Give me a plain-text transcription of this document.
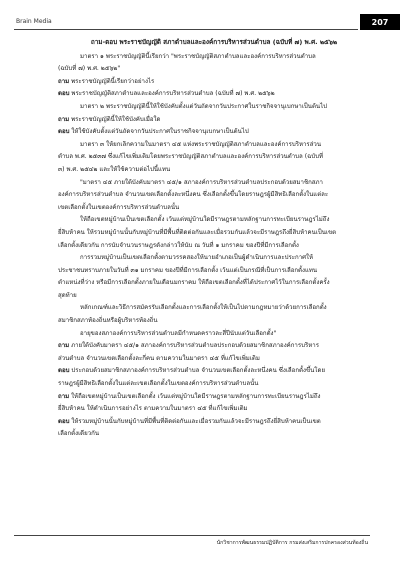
Brain Media	207

ถาม-ตอบ พระราชบัญญัติ สภาตำบลและองค์การบริหารส่วนตำบล (ฉบับที่ ๗) พ.ศ. ๒๕๖๒

มาตรา ๑ พระราชบัญญัตินี้เรียกว่า "พระราชบัญญัติสภาตำบลและองค์การบริหารส่วนตำบล

(ฉบับที่ ๗) พ.ศ. ๒๕๖๒"

ถาม พระราชบัญญัตินี้เรียกว่าอย่างไร

ตอบ พระราชบัญญัติสภาตำบลและองค์การบริหารส่วนตำบล (ฉบับที่ ๗) พ.ศ. ๒๕๖๒

มาตรา ๒ พระราชบัญญัตินี้ให้ใช้บังคับตั้งแต่วันถัดจากวันประกาศในราชกิจจานุเบกษาเป็นต้นไป

ถาม พระราชบัญญัตินี้ให้ใช้บังคับเมื่อใด

ตอบ ให้ใช้บังคับตั้งแต่วันถัดจากวันประกาศในราชกิจจานุเบกษาเป็นต้นไป

มาตรา ๓ ให้ยกเลิกความในมาตรา ๔๕ แห่งพระราชบัญญัติสภาตำบลและองค์การบริหารส่วน

ตำบล พ.ศ. ๒๕๓๗ ซึ่งแก้ไขเพิ่มเติมโดยพระราชบัญญัติสภาตำบลและองค์การบริหารส่วนตำบล (ฉบับที่

๓) พ.ศ. ๒๕๔๒ และให้ใช้ความต่อไปนี้แทน

"มาตรา ๔๕ ภายใต้บังคับมาตรา ๔๕/๑ สภาองค์การบริหารส่วนตำบลประกอบด้วยสมาชิกสภา

องค์การบริหารส่วนตำบล จำนวนเขตเลือกตั้งละหนึ่งคน ซึ่งเลือกตั้งขึ้นโดยราษฎรผู้มีสิทธิเลือกตั้งในแต่ละ

เขตเลือกตั้งในเขตองค์การบริหารส่วนตำบลนั้น

ให้ถือเขตหมู่บ้านเป็นเขตเลือกตั้ง เว้นแต่หมู่บ้านใดมีราษฎรตามหลักฐานการทะเบียนราษฎรไม่ถึง

ยี่สิบห้าคน ให้รวมหมู่บ้านนั้นกับหมู่บ้านที่มีพื้นที่ติดต่อกันและเมื่อรวมกันแล้วจะมีราษฎรถึงยี่สิบห้าคนเป็นเขต

เลือกตั้งเดียวกัน การนับจำนวนราษฎรดังกล่าวให้นับ ณ วันที่ ๑ มกราคม ของปีที่มีการเลือกตั้ง

การรวมหมู่บ้านเป็นเขตเลือกตั้งตามวรรคสองให้นายอำเภอเป็นผู้ดำเนินการและประกาศให้

ประชาชนทราบภายในวันที่ ๓๑ มกราคม ของปีที่มีการเลือกตั้ง เว้นแต่เป็นกรณีที่เป็นการเลือกตั้งแทน

ตำแหน่งที่ว่าง หรือมีการเลือกตั้งภายในเดือนมกราคม ให้ถือเขตเลือกตั้งที่ได้ประกาศไว้ในการเลือกตั้งครั้ง

สุดท้าย

หลักเกณฑ์และวิธีการสมัครรับเลือกตั้งและการเลือกตั้งให้เป็นไปตามกฎหมายว่าด้วยการเลือกตั้ง

สมาชิกสภาท้องถิ่นหรือผู้บริหารท้องถิ่น

อายุของสภาองค์การบริหารส่วนตำบลมีกำหนดคราวละสี่ปีนับแต่วันเลือกตั้ง"

ถาม ภายใต้บังคับมาตรา ๔๕/๑ สภาองค์การบริหารส่วนตำบลประกอบด้วยสมาชิกสภาองค์การบริหาร

ส่วนตำบล จำนวนเขตเลือกตั้งละกี่คน ตามความในมาตรา ๔๕ ที่แก้ไขเพิ่มเติม

ตอบ ประกอบด้วยสมาชิกสภาองค์การบริหารส่วนตำบล จำนวนเขตเลือกตั้งละหนึ่งคน ซึ่งเลือกตั้งขึ้นโดย

ราษฎรผู้มีสิทธิเลือกตั้งในแต่ละเขตเลือกตั้งในเขตองค์การบริหารส่วนตำบลนั้น

ถาม ให้ถือเขตหมู่บ้านเป็นเขตเลือกตั้ง เว้นแต่หมู่บ้านใดมีราษฎรตามหลักฐานการทะเบียนราษฎรไม่ถึง

ยี่สิบห้าคน ให้ดำเนินการอย่างไร ตามความในมาตรา ๔๕ ที่แก้ไขเพิ่มเติม

ตอบ ให้รวมหมู่บ้านนั้นกับหมู่บ้านที่มีพื้นที่ติดต่อกันและเมื่อรวมกันแล้วจะมีราษฎรถึงยี่สิบห้าคนเป็นเขต

เลือกตั้งเดียวกัน

นักวิชาการพัฒนธรรมปฏิบัติการ กรมส่งเสริมการปกครองส่วนท้องถิ่น
